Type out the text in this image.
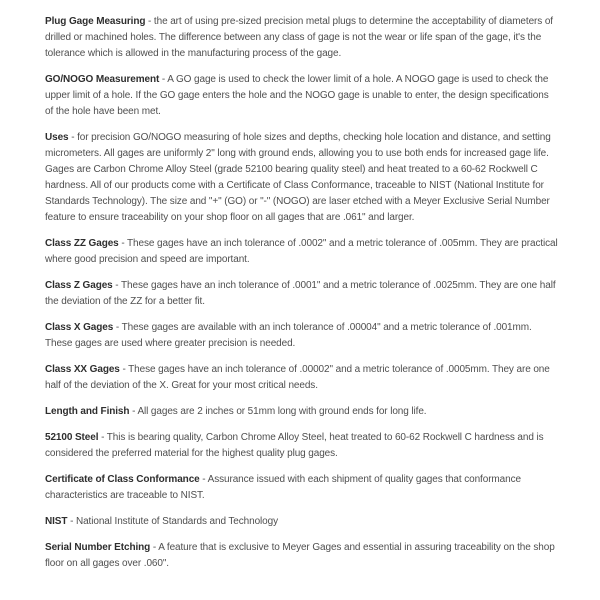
Plug Gage Measuring - the art of using pre-sized precision metal plugs to determine the acceptability of diameters of drilled or machined holes. The difference between any class of gage is not the wear or life span of the gage, it's the tolerance which is allowed in the manufacturing process of the gage.

GO/NOGO Measurement - A GO gage is used to check the lower limit of a hole. A NOGO gage is used to check the upper limit of a hole. If the GO gage enters the hole and the NOGO gage is unable to enter, the design specifications of the hole have been met.

Uses - for precision GO/NOGO measuring of hole sizes and depths, checking hole location and distance, and setting micrometers. All gages are uniformly 2" long with ground ends, allowing you to use both ends for increased gage life. Gages are Carbon Chrome Alloy Steel (grade 52100 bearing quality steel) and heat treated to a 60-62 Rockwell C hardness. All of our products come with a Certificate of Class Conformance, traceable to NIST (National Institute for Standards Technology). The size and "+" (GO) or "-" (NOGO) are laser etched with a Meyer Exclusive Serial Number feature to ensure traceability on your shop floor on all gages that are .061" and larger.

Class ZZ Gages - These gages have an inch tolerance of .0002" and a metric tolerance of .005mm. They are practical where good precision and speed are important.

Class Z Gages - These gages have an inch tolerance of .0001" and a metric tolerance of .0025mm. They are one half the deviation of the ZZ for a better fit.

Class X Gages - These gages are available with an inch tolerance of .00004" and a metric tolerance of .001mm. These gages are used where greater precision is needed.

Class XX Gages - These gages have an inch tolerance of .00002" and a metric tolerance of .0005mm. They are one half of the deviation of the X. Great for your most critical needs.

Length and Finish - All gages are 2 inches or 51mm long with ground ends for long life.

52100 Steel - This is bearing quality, Carbon Chrome Alloy Steel, heat treated to 60-62 Rockwell C hardness and is considered the preferred material for the highest quality plug gages.

Certificate of Class Conformance - Assurance issued with each shipment of quality gages that conformance characteristics are traceable to NIST.

NIST - National Institute of Standards and Technology

Serial Number Etching - A feature that is exclusive to Meyer Gages and essential in assuring traceability on the shop floor on all gages over .060".
